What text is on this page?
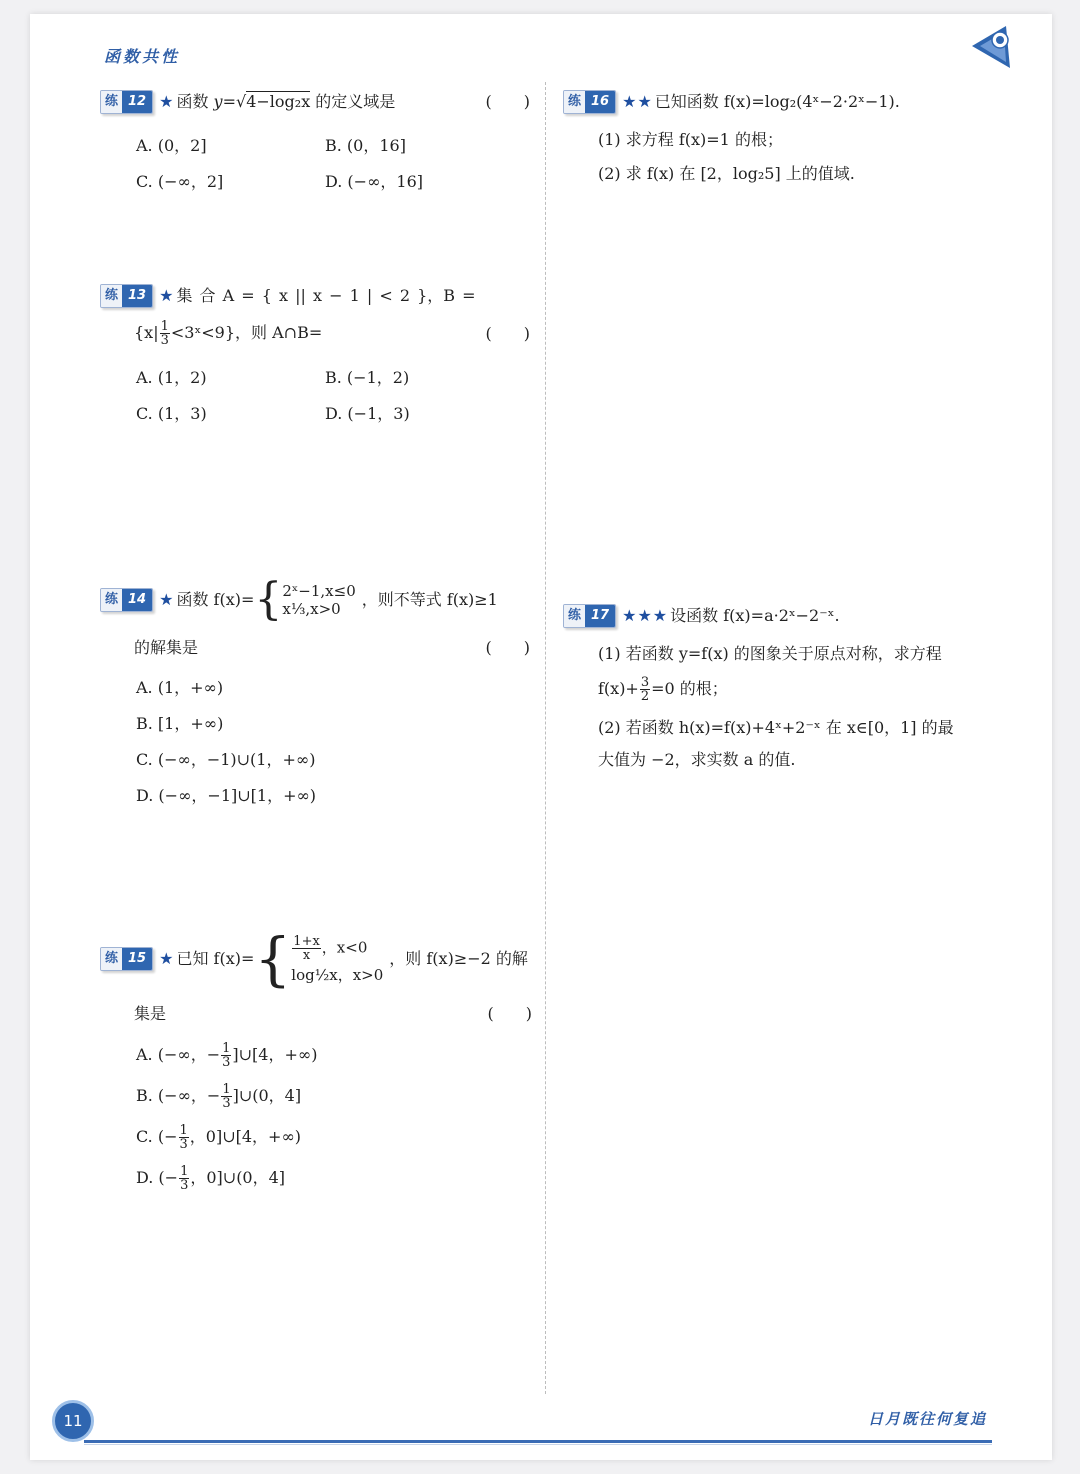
函数共性
练 12 ★ 函数 y=√4−log₂x 的定义域是	(　　)
A. (0，2]	B. (0，16]
C. (−∞，2]	D. (−∞，16]
练 13 ★ 集 合 A = { x || x − 1 | < 2 }，B =
{$x| \frac{1}{3}$ <3ˣ<9}，则 A∩B=	(　　)
A. (1，2)	B. (−1，2)
C. (1，3)	D. (−1，3)
练 14 ★ 函数 f(x)= { 2ˣ−1,x≤0
x⅓,x>0	，则不等式 f(x)≥1
的解集是	(　　)
A. (1，+∞)
B. [1，+∞)
C. (−∞，−1)∪(1，+∞)
D. (−∞，−1]∪[1，+∞)
练 15 ★ 已知 f(x)= { $\frac{1+x}{x}$ ，x<0
log½x，x>0
，则 f(x)≥−2 的解
集是	(　　)
A. (−∞，− $\frac{1}{3}$ ]∪[4，+∞)
B. (−∞，− $\frac{1}{3}$ ]∪(0，4]
C. (− $\frac{1}{3}$ ，0]∪[4，+∞)
D. (− $\frac{1}{3}$ ，0]∪(0，4]
练 16 ★★ 已知函数 f(x)=log₂(4ˣ−2·2ˣ−1).
(1) 求方程 f(x)=1 的根；
(2) 求 f(x) 在 [2，log₂5] 上的值域.
练 17 ★★★ 设函数 f(x)=a·2ˣ−2⁻ˣ.
(1) 若函数 y=f(x) 的图象关于原点对称，求方程
$f(x)+ \frac{3}{2} =0$ 的根；
(2) 若函数 h(x)=f(x)+4ˣ+2⁻ˣ 在 x∈[0，1] 的最
大值为 −2，求实数 a 的值.
11	日月既往何复追
